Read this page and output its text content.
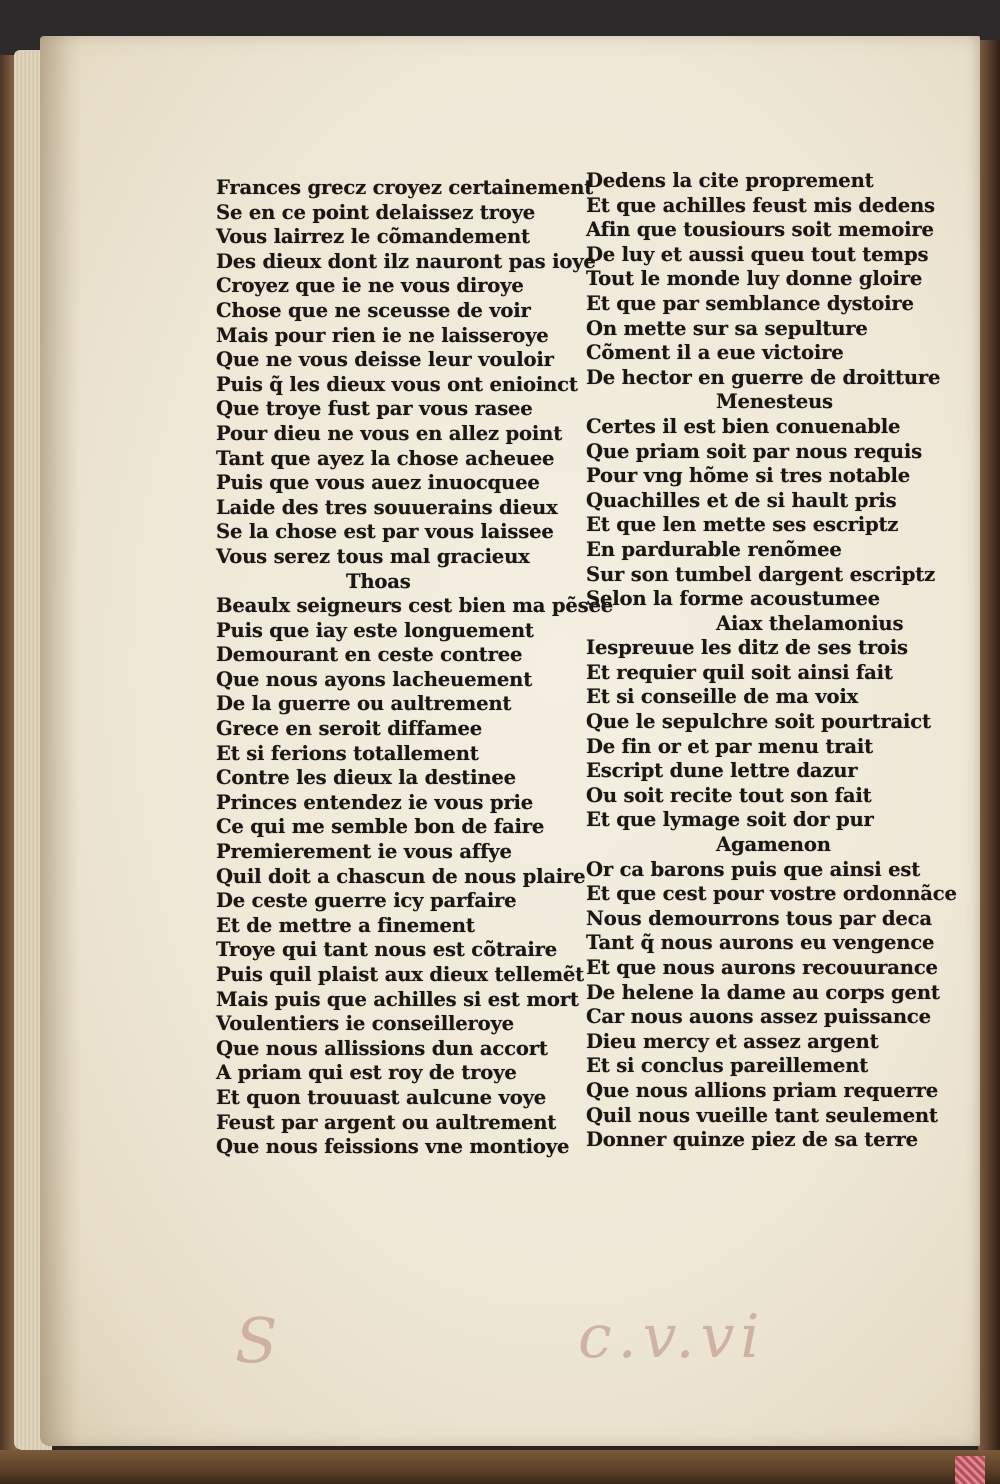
Frances grecz croyez certainement
Se en ce point delaissez troye
Vous lairrez le cõmandement
Des dieux dont ilz nauront pas ioye
Croyez que ie ne vous diroye
Chose que ne sceusse de voir
Mais pour rien ie ne laisseroye
Que ne vous deisse leur vouloir
Puis q̃ les dieux vous ont enioinct
Que troye fust par vous rasee
Pour dieu ne vous en allez point
Tant que ayez la chose acheuee
Puis que vous auez inuocquee
Laide des tres souuerains dieux
Se la chose est par vous laissee
Vous serez tous mal gracieux
Thoas
Beaulx seigneurs cest bien ma pẽsee
Puis que iay este longuement
Demourant en ceste contree
Que nous ayons lacheuement
De la guerre ou aultrement
Grece en seroit diffamee
Et si ferions totallement
Contre les dieux la destinee
Princes entendez ie vous prie
Ce qui me semble bon de faire
Premierement ie vous affye
Quil doit a chascun de nous plaire
De ceste guerre icy parfaire
Et de mettre a finement
Troye qui tant nous est cõtraire
Puis quil plaist aux dieux tellemẽt
Mais puis que achilles si est mort
Voulentiers ie conseilleroye
Que nous allissions dun accort
A priam qui est roy de troye
Et quon trouuast aulcune voye
Feust par argent ou aultrement
Que nous feissions vne montioye
Dedens la cite proprement
Et que achilles feust mis dedens
Afin que tousiours soit memoire
De luy et aussi queu tout temps
Tout le monde luy donne gloire
Et que par semblance dystoire
On mette sur sa sepulture
Cõment il a eue victoire
De hector en guerre de droitture
Menesteus
Certes il est bien conuenable
Que priam soit par nous requis
Pour vng hõme si tres notable
Quachilles et de si hault pris
Et que len mette ses escriptz
En pardurable renõmee
Sur son tumbel dargent escriptz
Selon la forme acoustumee
Aiax thelamonius
Iespreuue les ditz de ses trois
Et requier quil soit ainsi fait
Et si conseille de ma voix
Que le sepulchre soit pourtraict
De fin or et par menu trait
Escript dune lettre dazur
Ou soit recite tout son fait
Et que lymage soit dor pur
Agamenon
Or ca barons puis que ainsi est
Et que cest pour vostre ordonnãce
Nous demourrons tous par deca
Tant q̃ nous aurons eu vengence
Et que nous aurons recouurance
De helene la dame au corps gent
Car nous auons assez puissance
Dieu mercy et assez argent
Et si conclus pareillement
Que nous allions priam requerre
Quil nous vueille tant seulement
Donner quinze piez de sa terre
S	c.v.vi
